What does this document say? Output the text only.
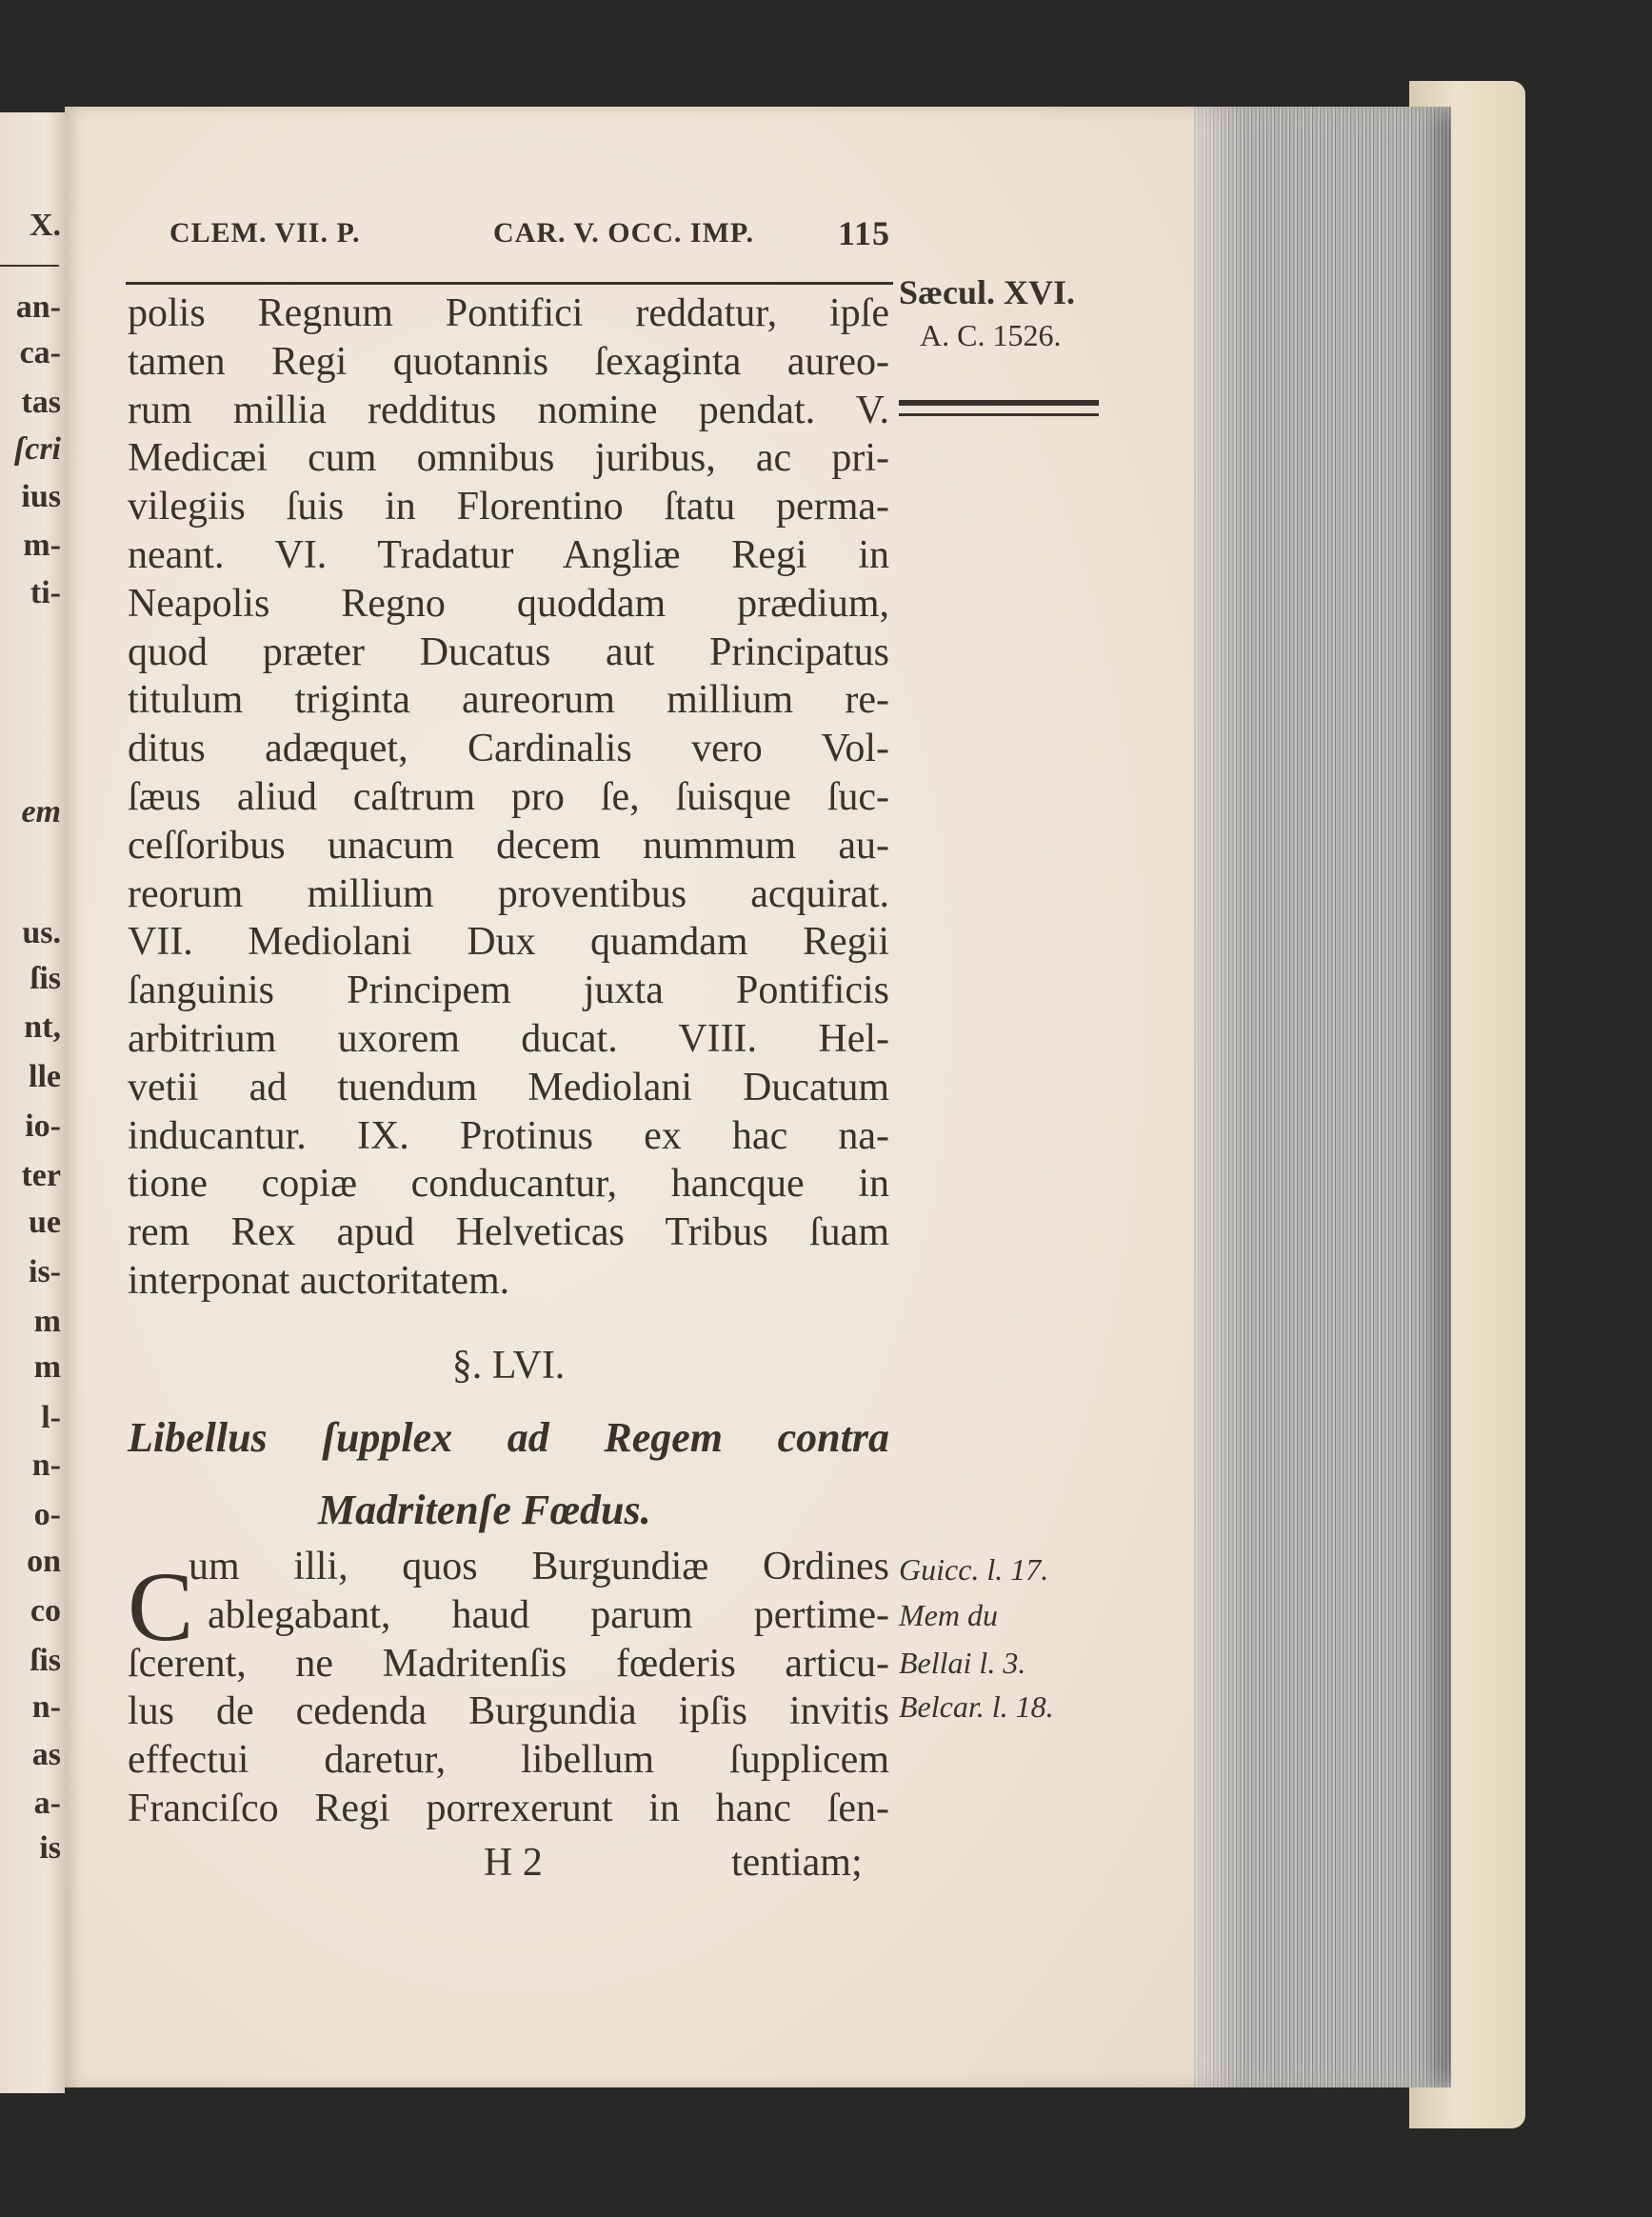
X.
an-
ca-
tas
ſcri
ius
m-
ti-
em
us.
ſis
nt,
lle
io-
ter
ue
is-
m
m
l-
n-
o-
on
co
ſis
n-
as
a-
is
CLEM. VII. P.	CAR. V. OCC. IMP. 115
Sæcul. XVI.
A. C. 1526.
polis Regnum Pontifici reddatur, ipſe
tamen Regi quotannis ſexaginta aureo-
rum millia redditus nomine pendat. V.
Medicæi cum omnibus juribus, ac pri-
vilegiis ſuis in Florentino ſtatu perma-
neant. VI. Tradatur Angliæ Regi in
Neapolis Regno quoddam prædium,
quod præter Ducatus aut Principatus
titulum triginta aureorum millium re-
ditus adæquet, Cardinalis vero Vol-
ſæus aliud caſtrum pro ſe, ſuisque ſuc-
ceſſoribus unacum decem nummum au-
reorum millium proventibus acquirat.
VII. Mediolani Dux quamdam Regii
ſanguinis Principem juxta Pontificis
arbitrium uxorem ducat. VIII. Hel-
vetii ad tuendum Mediolani Ducatum
inducantur. IX. Protinus ex hac na-
tione copiæ conducantur, hancque in
rem Rex apud Helveticas Tribus ſuam
interponat auctoritatem.
§. LVI.
Libellus ſupplex ad Regem contra
Madritenſe Fœdus.
C
um illi, quos Burgundiæ Ordines
ablegabant, haud parum pertime-
ſcerent, ne Madritenſis fœderis articu-
lus de cedenda Burgundia ipſis invitis
effectui daretur, libellum ſupplicem
Franciſco Regi porrexerunt in hanc ſen-
Guicc. l. 17.
Mem du
Bellai l. 3.
Belcar. l. 18.
H 2	tentiam;
